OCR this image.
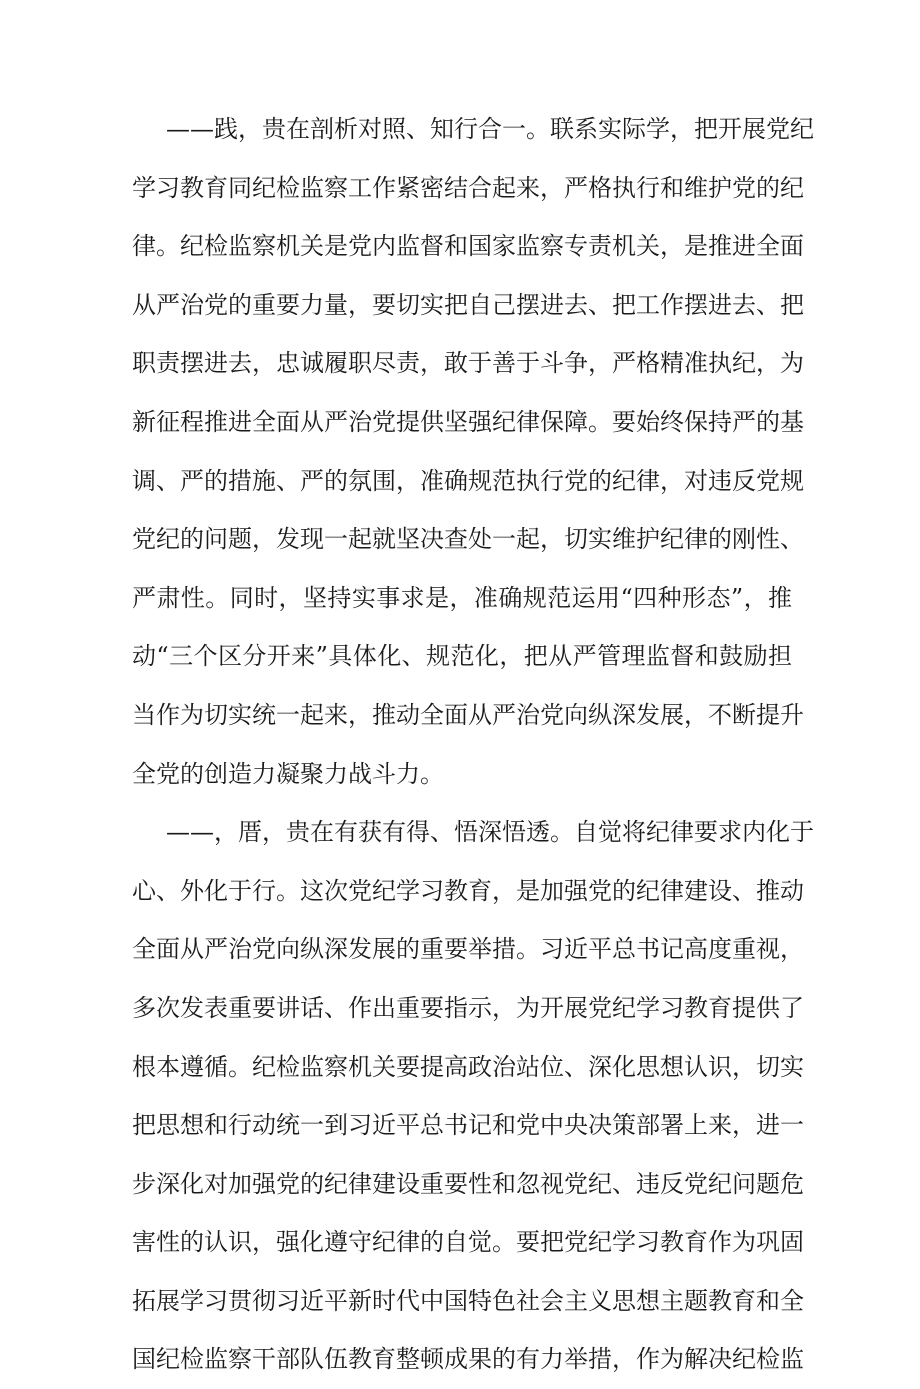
——践，贵在剖析对照、知行合一。联系实际学，把开展党纪
学习教育同纪检监察工作紧密结合起来，严格执行和维护党的纪
律。纪检监察机关是党内监督和国家监察专责机关，是推进全面
从严治党的重要力量，要切实把自己摆进去、把工作摆进去、把
职责摆进去，忠诚履职尽责，敢于善于斗争，严格精准执纪，为
新征程推进全面从严治党提供坚强纪律保障。要始终保持严的基
调、严的措施、严的氛围，准确规范执行党的纪律，对违反党规
党纪的问题，发现一起就坚决查处一起，切实维护纪律的刚性、
严肃性。同时，坚持实事求是，准确规范运用“四种形态”，推
动“三个区分开来”具体化、规范化，把从严管理监督和鼓励担
当作为切实统一起来，推动全面从严治党向纵深发展，不断提升
全党的创造力凝聚力战斗力。
——，厝，贵在有获有得、悟深悟透。自觉将纪律要求内化于
心、外化于行。这次党纪学习教育，是加强党的纪律建设、推动
全面从严治党向纵深发展的重要举措。习近平总书记高度重视，
多次发表重要讲话、作出重要指示，为开展党纪学习教育提供了
根本遵循。纪检监察机关要提高政治站位、深化思想认识，切实
把思想和行动统一到习近平总书记和党中央决策部署上来，进一
步深化对加强党的纪律建设重要性和忽视党纪、违反党纪问题危
害性的认识，强化遵守纪律的自觉。要把党纪学习教育作为巩固
拓展学习贯彻习近平新时代中国特色社会主义思想主题教育和全
国纪检监察干部队伍教育整顿成果的有力举措，作为解决纪检监
